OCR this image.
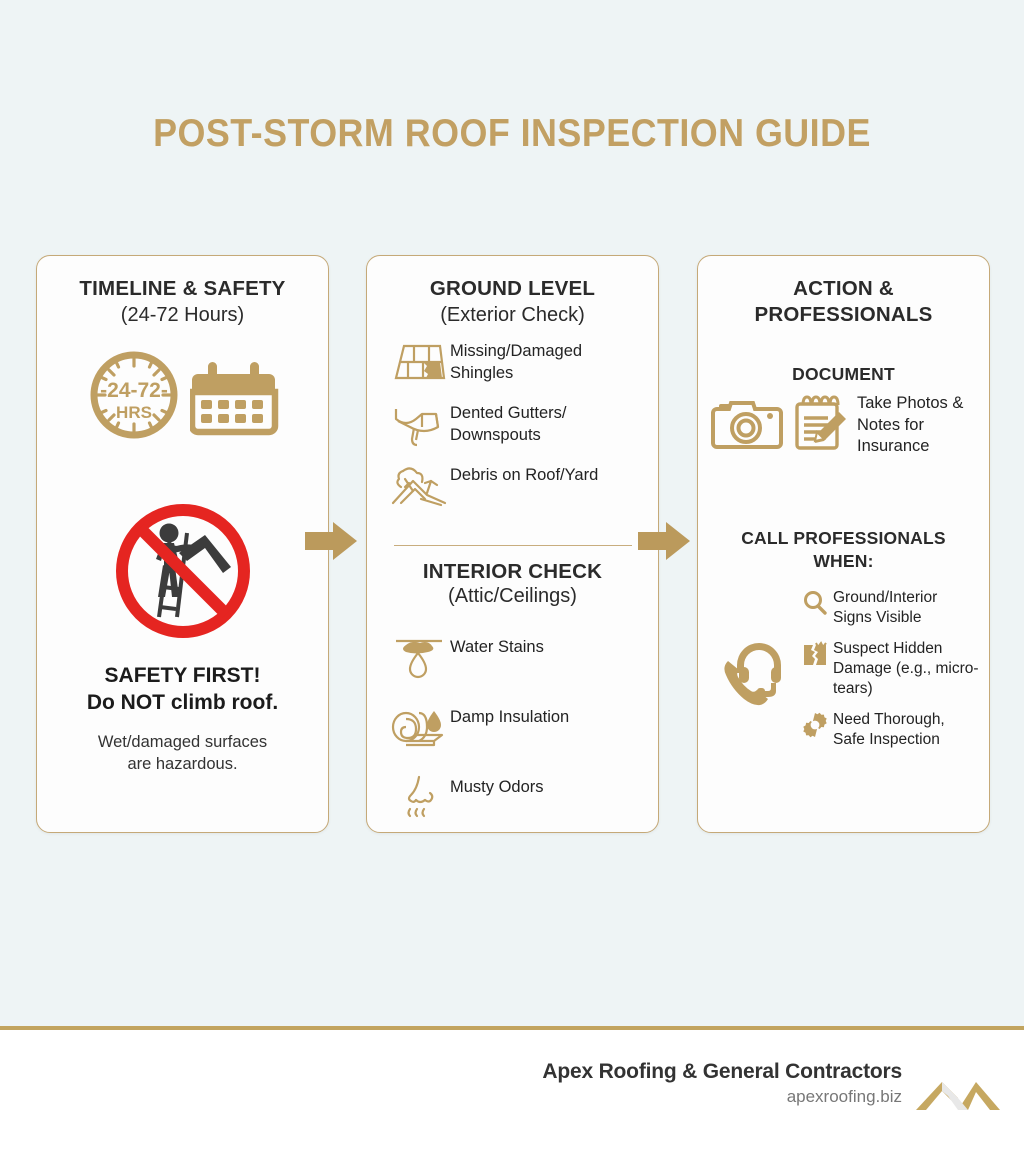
POST-STORM ROOF INSPECTION GUIDE
TIMELINE & SAFETY
(24-72 Hours)
-24-72-
HRS
SAFETY FIRST!
Do NOT climb roof.
Wet/damaged surfaces
are hazardous.
GROUND LEVEL
(Exterior Check)
Missing/Damaged Shingles
Dented Gutters/ Downspouts
Debris on Roof/Yard
INTERIOR CHECK
(Attic/Ceilings)
Water Stains
Damp Insulation
Musty Odors
ACTION &
PROFESSIONALS
DOCUMENT
Take Photos & Notes for Insurance
CALL PROFESSIONALS
WHEN:
Ground/Interior Signs Visible
Suspect Hidden Damage (e.g., micro-tears)
Need Thorough, Safe Inspection
Apex Roofing & General Contractors
apexroofing.biz
